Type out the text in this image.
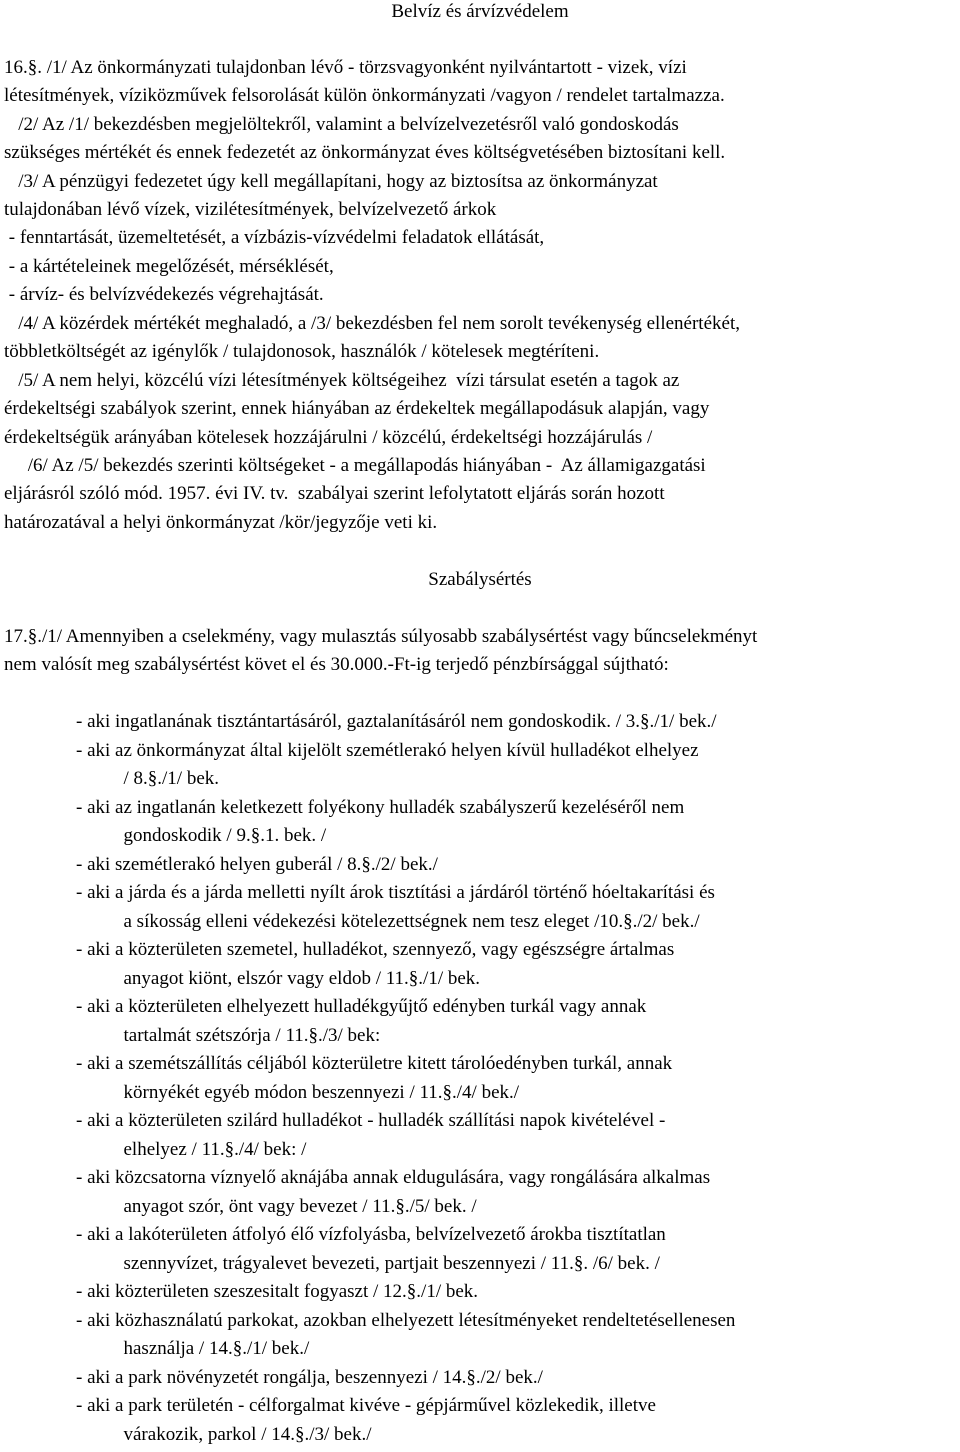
Belvíz és árvízvédelem
16.§. /1/ Az önkormányzati tulajdonban lévő - törzsvagyonként nyilvántartott - vizek, vízi
létesítmények, víziközművek felsorolását külön önkormányzati /vagyon / rendelet tartalmazza.
/2/ Az /1/ bekezdésben megjelöltekről, valamint a belvízelvezetésről való gondoskodás
szükséges mértékét és ennek fedezetét az önkormányzat éves költségvetésében biztosítani kell.
/3/ A pénzügyi fedezetet úgy kell megállapítani, hogy az biztosítsa az önkormányzat
tulajdonában lévő vízek, vizilétesítmények, belvízelvezető árkok
- fenntartását, üzemeltetését, a vízbázis-vízvédelmi feladatok ellátását,
- a kártételeinek megelőzését, mérséklését,
- árvíz- és belvízvédekezés végrehajtását.
/4/ A közérdek mértékét meghaladó, a /3/ bekezdésben fel nem sorolt tevékenység ellenértékét,
többletköltségét az igénylők / tulajdonosok, használók / kötelesek megtéríteni.
/5/ A nem helyi, közcélú vízi létesítmények költségeihez  vízi társulat esetén a tagok az
érdekeltségi szabályok szerint, ennek hiányában az érdekeltek megállapodásuk alapján, vagy
érdekeltségük arányában kötelesek hozzájárulni / közcélú, érdekeltségi hozzájárulás /
/6/ Az /5/ bekezdés szerinti költségeket - a megállapodás hiányában -  Az államigazgatási
eljárásról szóló mód. 1957. évi IV. tv.  szabályai szerint lefolytatott eljárás során hozott
határozatával a helyi önkormányzat /kör/jegyzője veti ki.
Szabálysértés
17.§./1/ Amennyiben a cselekmény, vagy mulasztás súlyosabb szabálysértést vagy bűncselekményt
nem valósít meg szabálysértést követ el és 30.000.-Ft-ig terjedő pénzbírsággal sújtható:
- aki ingatlanának tisztántartásáról, gaztalanításáról nem gondoskodik. / 3.§./1/ bek./
- aki az önkormányzat által kijelölt szemétlerakó helyen kívül hulladékot elhelyez
/ 8.§./1/ bek.
- aki az ingatlanán keletkezett folyékony hulladék szabályszerű kezeléséről nem
gondoskodik / 9.§.1. bek. /
- aki szemétlerakó helyen guberál / 8.§./2/ bek./
- aki a járda és a járda melletti nyílt árok tisztítási a járdáról történő hóeltakarítási és
a síkosság elleni védekezési kötelezettségnek nem tesz eleget /10.§./2/ bek./
- aki a közterületen szemetel, hulladékot, szennyező, vagy egészségre ártalmas
anyagot kiönt, elszór vagy eldob / 11.§./1/ bek.
- aki a közterületen elhelyezett hulladékgyűjtő edényben turkál vagy annak
tartalmát szétszórja / 11.§./3/ bek:
- aki a szemétszállítás céljából közterületre kitett tárolóedényben turkál, annak
környékét egyéb módon beszennyezi / 11.§./4/ bek./
- aki a közterületen szilárd hulladékot - hulladék szállítási napok kivételével -
elhelyez / 11.§./4/ bek: /
- aki közcsatorna víznyelő aknájába annak eldugulására, vagy rongálására alkalmas
anyagot szór, önt vagy bevezet / 11.§./5/ bek. /
- aki a lakóterületen átfolyó élő vízfolyásba, belvízelvezető árokba tisztítatlan
szennyvízet, trágyalevet bevezeti, partjait beszennyezi / 11.§. /6/ bek. /
- aki közterületen szeszesitalt fogyaszt / 12.§./1/ bek.
- aki közhasználatú parkokat, azokban elhelyezett létesítményeket rendeltetésellenesen
használja / 14.§./1/ bek./
- aki a park növényzetét rongálja, beszennyezi / 14.§./2/ bek./
- aki a park területén - célforgalmat kivéve - gépjárművel közlekedik, illetve
várakozik, parkol / 14.§./3/ bek./
